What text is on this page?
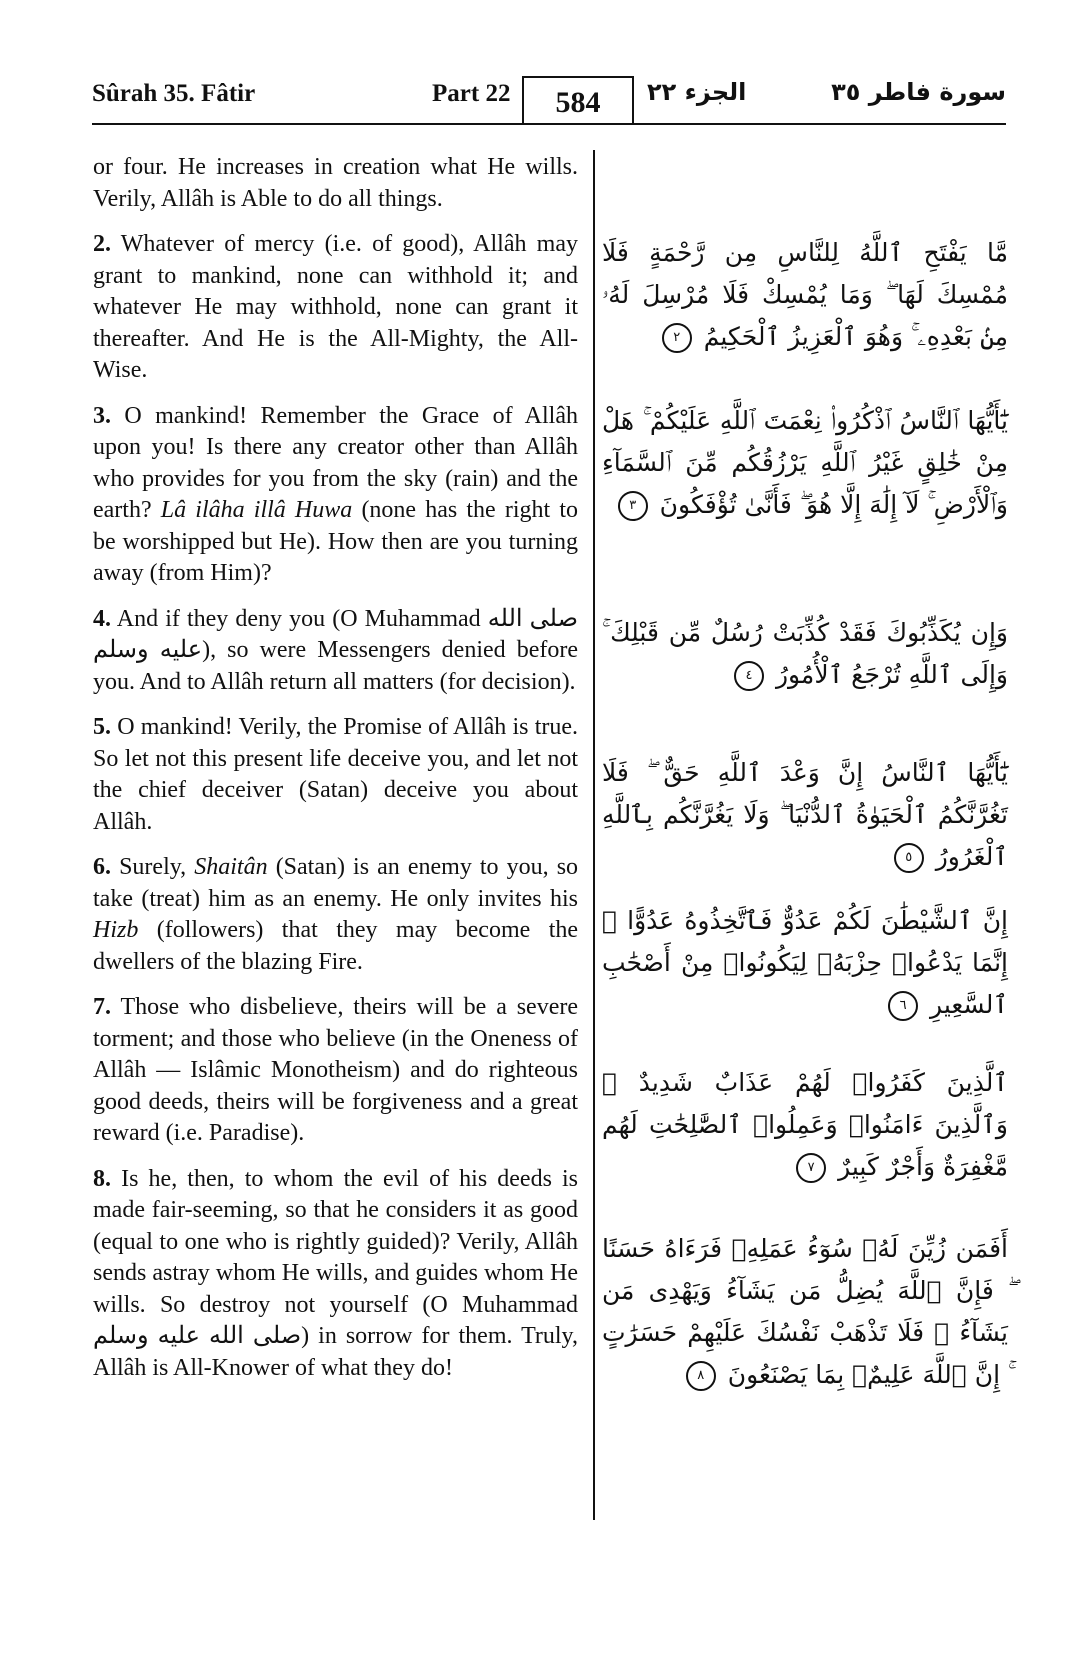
Sûrah 35. Fâtir	Part 22	584	الجزء ٢٢	سورة فاطر ٣٥

or four. He increases in creation what He wills. Verily, Allâh is Able to do all things.

2. Whatever of mercy (i.e. of good), Allâh may grant to mankind, none can withhold it; and whatever He may withhold, none can grant it thereafter. And He is the All-Mighty, the All-Wise.

3. O mankind! Remember the Grace of Allâh upon you! Is there any creator other than Allâh who provides for you from the sky (rain) and the earth? Lâ ilâha illâ Huwa (none has the right to be worshipped but He). How then are you turning away (from Him)?

4. And if they deny you (O Muhammad صلى الله عليه وسلم), so were Messengers denied before you. And to Allâh return all matters (for decision).

5. O mankind! Verily, the Promise of Allâh is true. So let not this present life deceive you, and let not the chief deceiver (Satan) deceive you about Allâh.

6. Surely, Shaitân (Satan) is an enemy to you, so take (treat) him as an enemy. He only invites his Hizb (followers) that they may become the dwellers of the blazing Fire.

7. Those who disbelieve, theirs will be a severe torment; and those who believe (in the Oneness of Allâh — Islâmic Monotheism) and do righteous good deeds, theirs will be forgiveness and a great reward (i.e. Paradise).

8. Is he, then, to whom the evil of his deeds is made fair-seeming, so that he considers it as good (equal to one who is rightly guided)? Verily, Allâh sends astray whom He wills, and guides whom He wills. So destroy not yourself (O Muhammad صلى الله عليه وسلم) in sorrow for them. Truly, Allâh is All-Knower of what they do!

مَّا يَفْتَحِ ٱللَّهُ لِلنَّاسِ مِن رَّحْمَةٍ فَلَا مُمْسِكَ لَهَا ۖ وَمَا يُمْسِكْ فَلَا مُرْسِلَ لَهُۥ مِنۢ بَعْدِهِۦ ۚ وَهُوَ ٱلْعَزِيزُ ٱلْحَكِيمُ ٢
يَٰٓأَيُّهَا ٱلنَّاسُ ٱذْكُرُوا۟ نِعْمَتَ ٱللَّهِ عَلَيْكُمْ ۚ هَلْ مِنْ خَٰلِقٍ غَيْرُ ٱللَّهِ يَرْزُقُكُم مِّنَ ٱلسَّمَآءِ وَٱلْأَرْضِ ۚ لَآ إِلَٰهَ إِلَّا هُوَ ۖ فَأَنَّىٰ تُؤْفَكُونَ ٣
وَإِن يُكَذِّبُوكَ فَقَدْ كُذِّبَتْ رُسُلٌ مِّن قَبْلِكَ ۚ وَإِلَى ٱللَّهِ تُرْجَعُ ٱلْأُمُورُ ٤
يَٰٓأَيُّهَا ٱلنَّاسُ إِنَّ وَعْدَ ٱللَّهِ حَقٌّ ۖ فَلَا تَغُرَّنَّكُمُ ٱلْحَيَوٰةُ ٱلدُّنْيَا ۖ وَلَا يَغُرَّنَّكُم بِٱللَّهِ ٱلْغَرُورُ ٥
إِنَّ ٱلشَّيْطَٰنَ لَكُمْ عَدُوٌّ فَٱتَّخِذُوهُ عَدُوًّا ۚ إِنَّمَا يَدْعُوا۟ حِزْبَهُۥ لِيَكُونُوا۟ مِنْ أَصْحَٰبِ ٱلسَّعِيرِ ٦
ٱلَّذِينَ كَفَرُوا۟ لَهُمْ عَذَابٌ شَدِيدٌ ۖ وَٱلَّذِينَ ءَامَنُوا۟ وَعَمِلُوا۟ ٱلصَّٰلِحَٰتِ لَهُم مَّغْفِرَةٌ وَأَجْرٌ كَبِيرٌ ٧
أَفَمَن زُيِّنَ لَهُۥ سُوٓءُ عَمَلِهِۦ فَرَءَاهُ حَسَنًا ۖ فَإِنَّ ٱللَّهَ يُضِلُّ مَن يَشَآءُ وَيَهْدِى مَن يَشَآءُ ۖ فَلَا تَذْهَبْ نَفْسُكَ عَلَيْهِمْ حَسَرَٰتٍ ۚ إِنَّ ٱللَّهَ عَلِيمٌۢ بِمَا يَصْنَعُونَ ٨
